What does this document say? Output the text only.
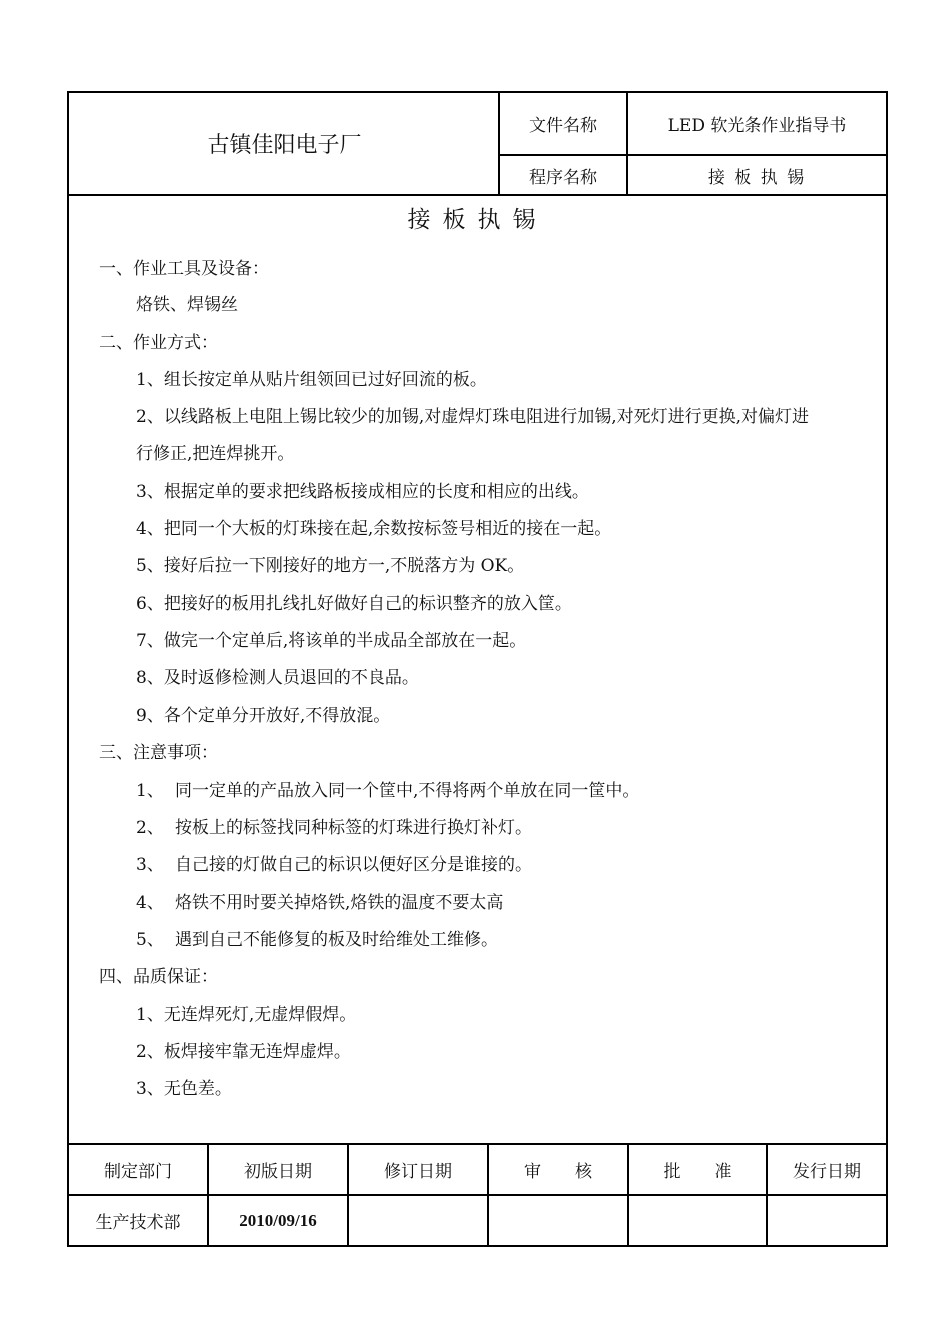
古镇佳阳电子厂
文件名称	LED 软光条作业指导书
程序名称	接 板 执 锡
接板执锡
一、作业工具及设备：
烙铁、焊锡丝
二、作业方式：
1、组长按定单从贴片组领回已过好回流的板。
2、以线路板上电阻上锡比较少的加锡,对虚焊灯珠电阻进行加锡,对死灯进行更换,对偏灯进
行修正,把连焊挑开。
3、根据定单的要求把线路板接成相应的长度和相应的出线。
4、把同一个大板的灯珠接在起,余数按标签号相近的接在一起。
5、接好后拉一下刚接好的地方一,不脱落方为 OK。
6、把接好的板用扎线扎好做好自己的标识整齐的放入筐。
7、做完一个定单后,将该单的半成品全部放在一起。
8、及时返修检测人员退回的不良品。
9、各个定单分开放好,不得放混。
三、注意事项：
1、 同一定单的产品放入同一个筐中,不得将两个单放在同一筐中。
2、 按板上的标签找同种标签的灯珠进行换灯补灯。
3、 自己接的灯做自己的标识以便好区分是谁接的。
4、 烙铁不用时要关掉烙铁,烙铁的温度不要太高
5、 遇到自己不能修复的板及时给维处工维修。
四、品质保证：
1、无连焊死灯,无虚焊假焊。
2、板焊接牢靠无连焊虚焊。
3、无色差。
制定部门	初版日期	修订日期	审　　核	批　　准	发行日期
生产技术部	2010/09/16
